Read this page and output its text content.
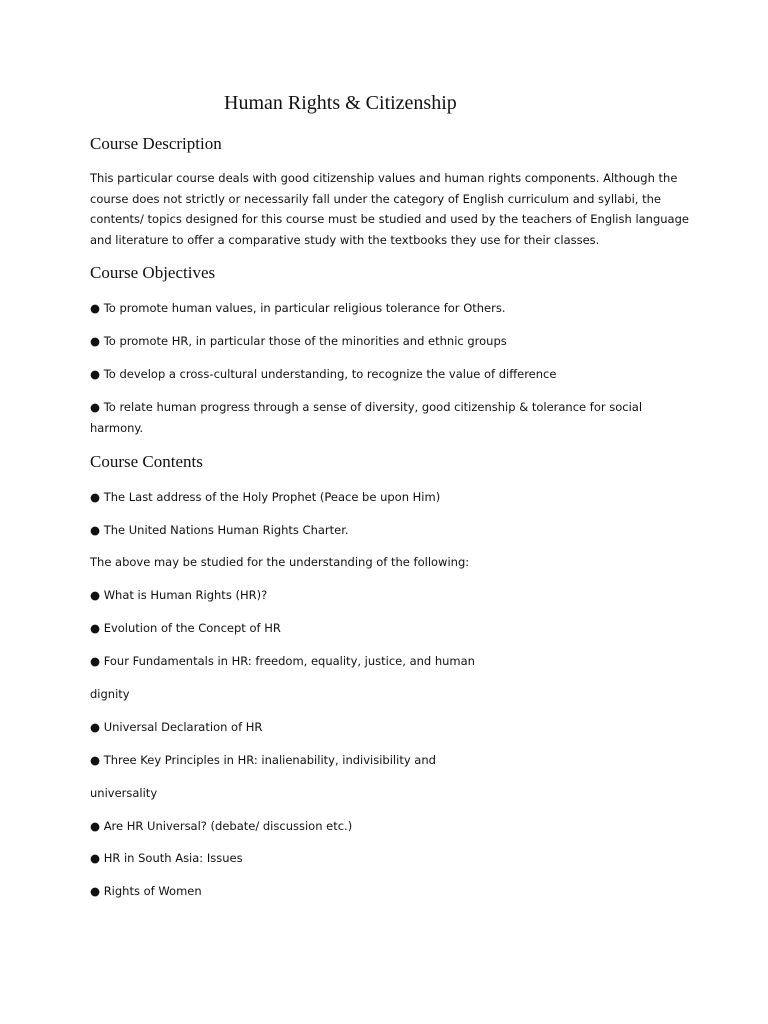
Human Rights & Citizenship
Course Description
This particular course deals with good citizenship values and human rights components. Although the
course does not strictly or necessarily fall under the category of English curriculum and syllabi, the
contents/ topics designed for this course must be studied and used by the teachers of English language
and literature to offer a comparative study with the textbooks they use for their classes.
Course Objectives

● To promote human values, in particular religious tolerance for Others.

● To promote HR, in particular those of the minorities and ethnic groups

● To develop a cross-cultural understanding, to recognize the value of difference

● To relate human progress through a sense of diversity, good citizenship & tolerance for social
harmony.
Course Contents

● The Last address of the Holy Prophet (Peace be upon Him)

● The United Nations Human Rights Charter.

The above may be studied for the understanding of the following:

● What is Human Rights (HR)?

● Evolution of the Concept of HR

● Four Fundamentals in HR: freedom, equality, justice, and human

dignity

● Universal Declaration of HR

● Three Key Principles in HR: inalienability, indivisibility and

universality

● Are HR Universal? (debate/ discussion etc.)

● HR in South Asia: Issues

● Rights of Women
